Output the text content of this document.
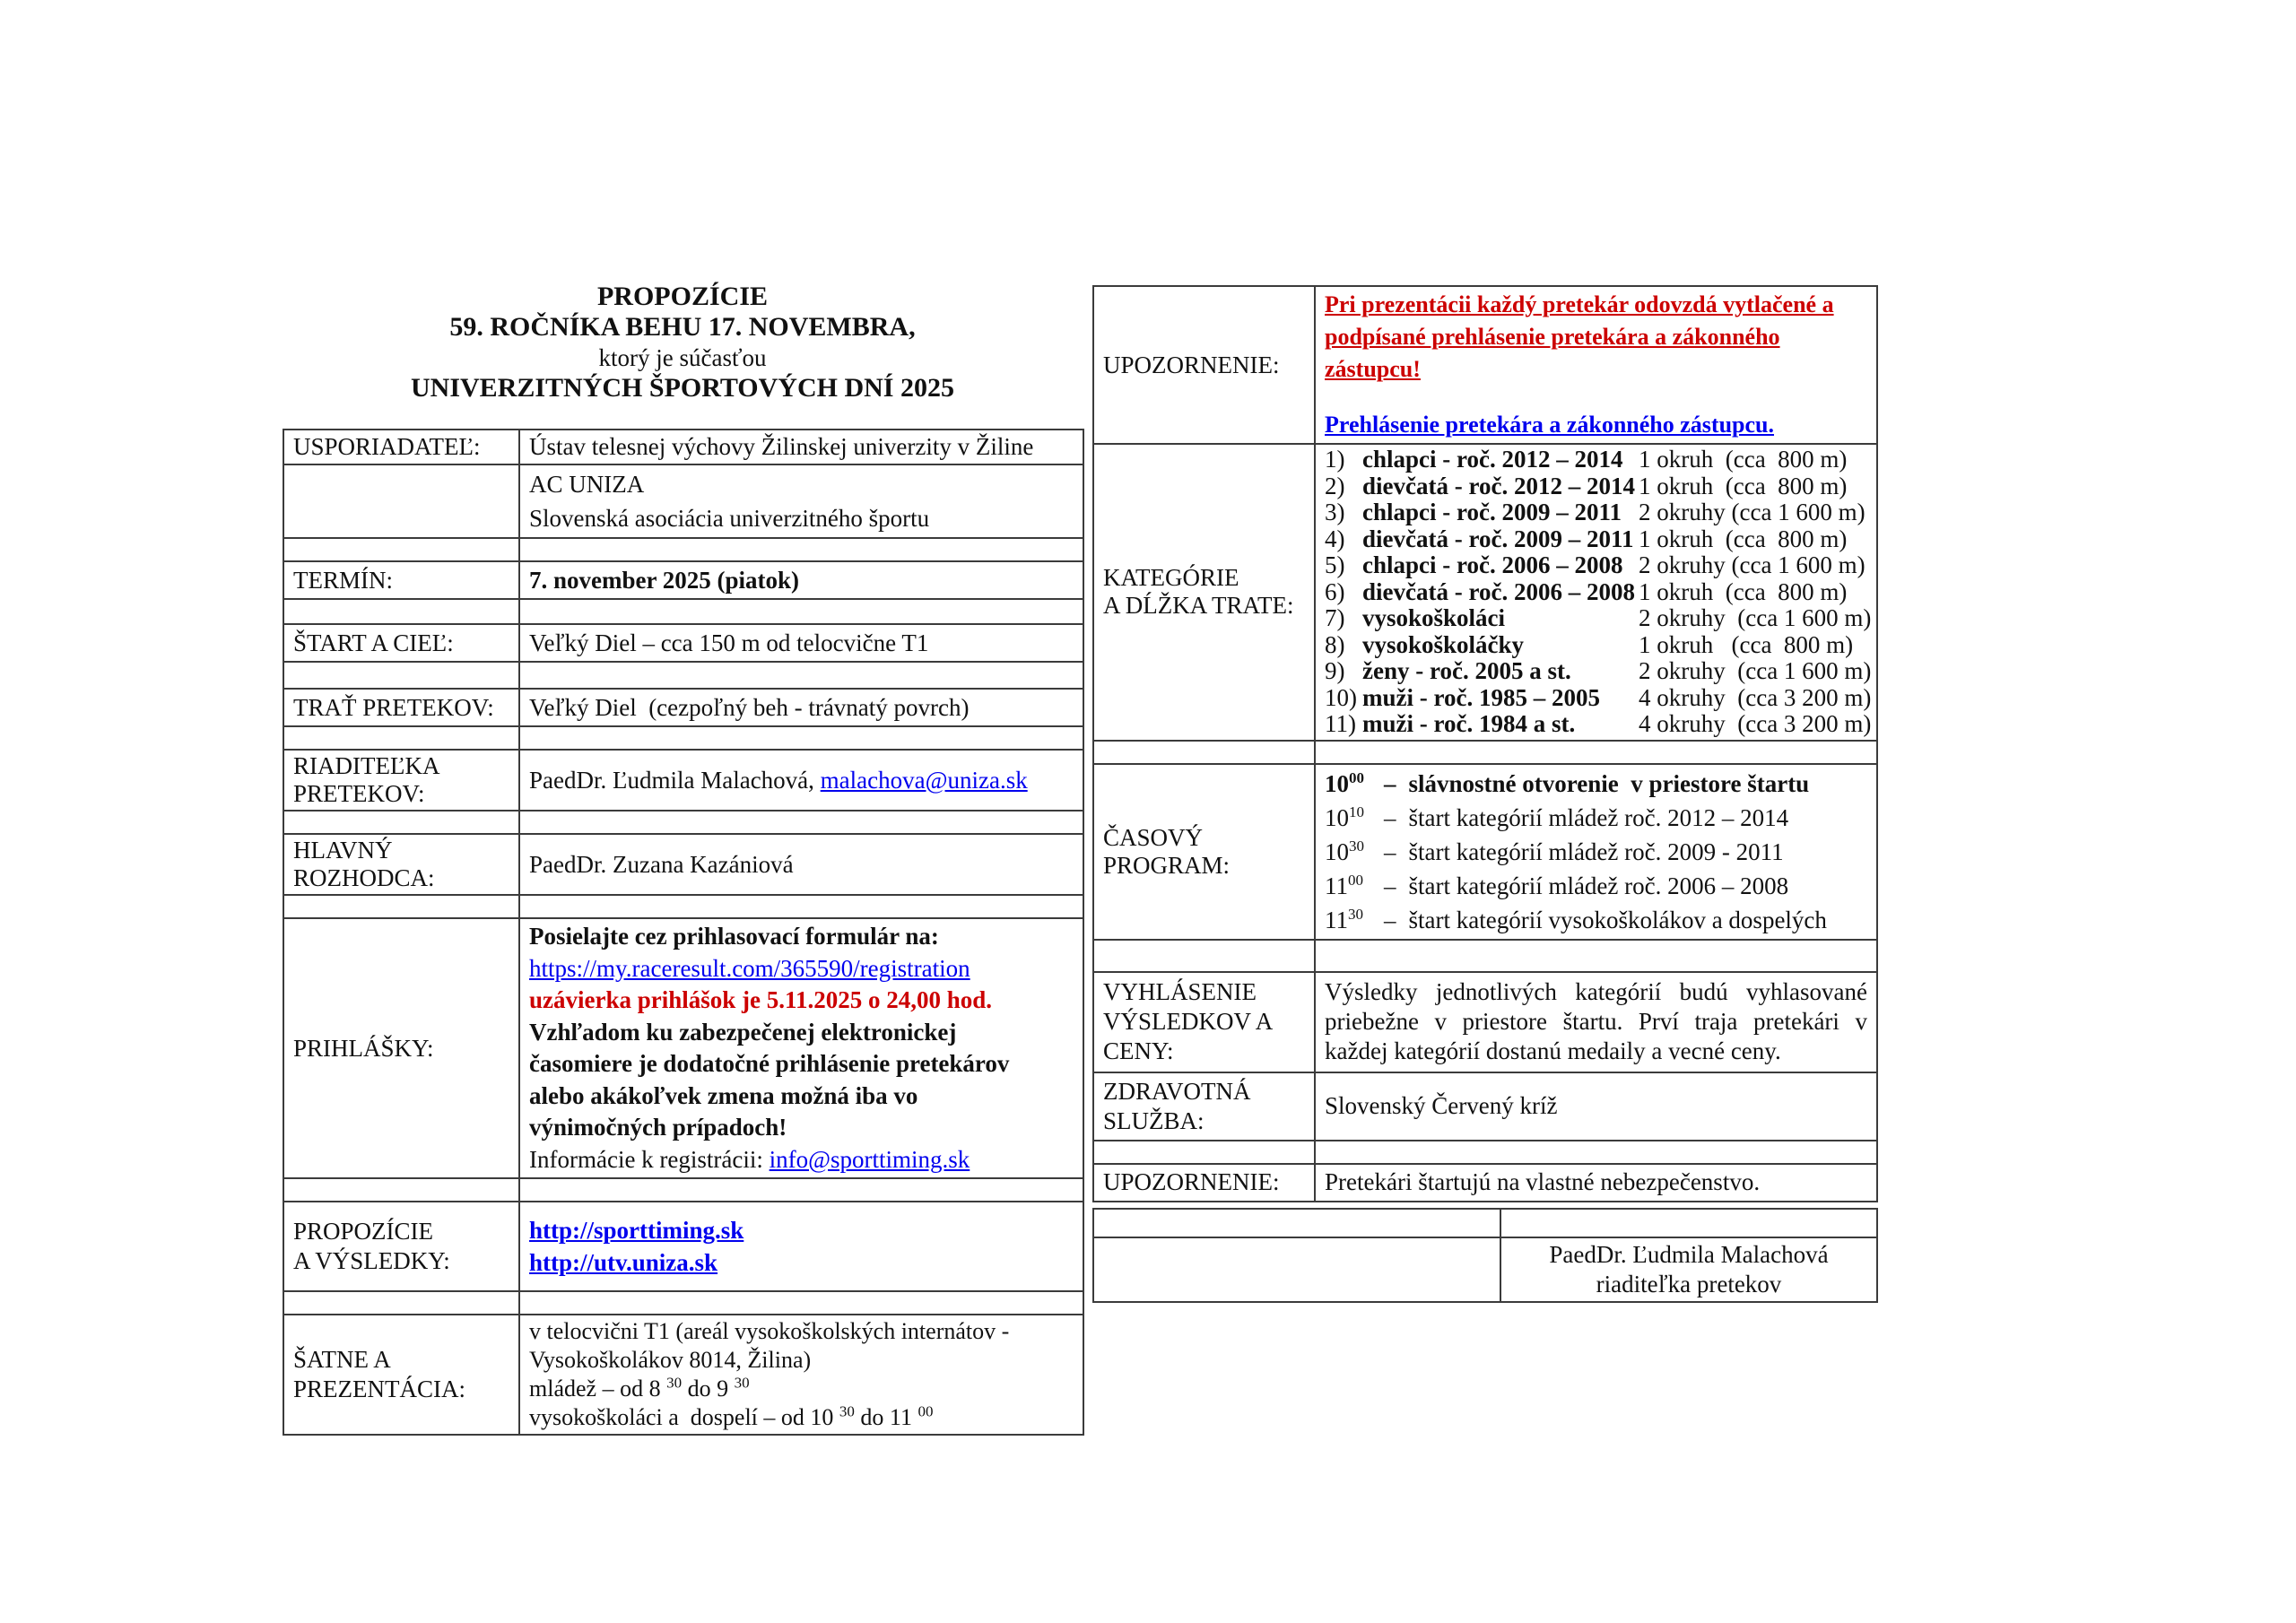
PROPOZÍCIE
59. ROČNÍKA BEHU 17. NOVEMBRA,
ktorý je súčasťou
UNIVERZITNÝCH ŠPORTOVÝCH DNÍ 2025
USPORIADATEĽ:	Ústav telesnej výchovy Žilinskej univerzity v Žiline

	AC UNIZA
Slovenská asociácia univerzitného športu

TERMÍN:	7. november 2025 (piatok)

ŠTART A CIEĽ:	Veľký Diel – cca 150 m od telocvične T1

TRAŤ PRETEKOV:	Veľký Diel  (cezpoľný beh - trávnatý povrch)

RIADITEĽKA
PRETEKOV:	PaedDr. Ľudmila Malachová, malachova@uniza.sk

HLAVNÝ
ROZHODCA:	PaedDr. Zuzana Kazániová

PRIHLÁŠKY:	
Posielajte cez prihlasovací formulár na:
https://my.raceresult.com/365590/registration
uzávierka prihlášok je 5.11.2025 o 24,00 hod.
Vzhľadom ku zabezpečenej elektronickej
časomiere je dodatočné prihlásenie pretekárov
alebo akákoľvek zmena možná iba vo
výnimočných prípadoch!
Informácie k registrácii: info@sporttiming.sk

PROPOZÍCIE
A VÝSLEDKY:

http://sporttiming.sk
http://utv.uniza.sk

ŠATNE A
PREZENTÁCIA:

v telocvični T1 (areál vysokoškolských internátov -
Vysokoškolákov 8014, Žilina)
mládež – od 8 $^{30}$ do 9 $^{30}$
vysokoškoláci a  dospelí – od 10 $^{30}$ do 11 $^{00}$
UPOZORNENIE:	Pri prezentácii každý pretekár odovzdá vytlačené a
podpísané prehlásenie pretekára a zákonného
zástupcu!
Prehlásenie pretekára a zákonného zástupcu.

KATEGÓRIE
A DĹŽKA TRATE:

1) chlapci - roč. 2012 – 2014 1 okruh  (cca  800 m)
2) dievčatá - roč. 2012 – 2014 1 okruh  (cca  800 m)
3) chlapci - roč. 2009 – 2011 2 okruhy (cca 1 600 m)
4) dievčatá - roč. 2009 – 2011 1 okruh  (cca  800 m)
5) chlapci - roč. 2006 – 2008 2 okruhy (cca 1 600 m)
6) dievčatá - roč. 2006 – 2008 1 okruh  (cca  800 m)
7) vysokoškoláci	2 okruhy  (cca 1 600 m)
8) vysokoškoláčky	1 okruh   (cca  800 m)
9) ženy - roč. 2005 a st.	2 okruhy  (cca 1 600 m)
10) muži - roč. 1985 – 2005 4 okruhy  (cca 3 200 m)
11) muži - roč. 1984 a st.	4 okruhy  (cca 3 200 m)

ČASOVÝ
PROGRAM:

$10^{00}$ – slávnostné otvorenie  v priestore štartu
$10^{10}$ – štart kategórií mládež roč. 2012 – 2014
$10^{30}$ – štart kategórií mládež roč. 2009 - 2011
$11^{00}$ – štart kategórií mládež roč. 2006 – 2008
$11^{30}$ – štart kategórií vysokoškolákov a dospelých

VYHLÁSENIE
VÝSLEDKOV A
CENY:	Výsledky jednotlivých kategórií budú vyhlasované priebežne v priestore štartu. Prví traja pretekári v každej kategórií dostanú medaily a vecné ceny.

ZDRAVOTNÁ
SLUŽBA:	Slovenský Červený kríž

UPOZORNENIE:	Pretekári štartujú na vlastné nebezpečenstvo.

	PaedDr. Ľudmila Malachová
riaditeľka pretekov
